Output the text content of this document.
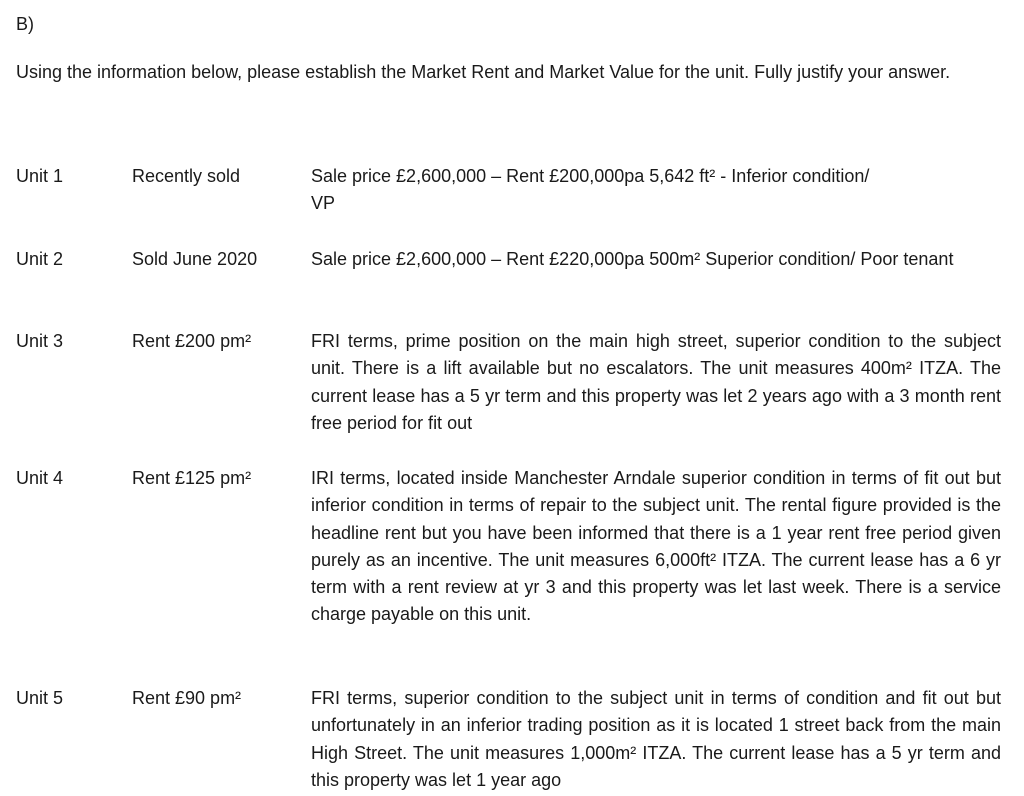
B)
Using the information below, please establish the Market Rent and Market Value for the unit. Fully justify your answer.
Unit 1	Recently sold	Sale price £2,600,000 – Rent £200,000pa 5,642 ft² - Inferior condition/ VP
Unit 2	Sold June 2020	Sale price £2,600,000 – Rent £220,000pa 500m² Superior condition/ Poor tenant
Unit 3	Rent £200 pm²	FRI terms, prime position on the main high street, superior condition to the subject unit. There is a lift available but no escalators. The unit measures 400m² ITZA. The current lease has a 5 yr term and this property was let 2 years ago with a 3 month rent free period for fit out
Unit 4	Rent £125 pm²	IRI terms, located inside Manchester Arndale superior condition in terms of fit out but inferior condition in terms of repair to the subject unit. The rental figure provided is the headline rent but you have been informed that there is a 1 year rent free period given purely as an incentive. The unit measures 6,000ft² ITZA. The current lease has a 6 yr term with a rent review at yr 3 and this property was let last week. There is a service charge payable on this unit.
Unit 5	Rent £90 pm²	FRI terms, superior condition to the subject unit in terms of condition and fit out but unfortunately in an inferior trading position as it is located 1 street back from the main High Street. The unit measures 1,000m² ITZA. The current lease has a 5 yr term and this property was let 1 year ago
